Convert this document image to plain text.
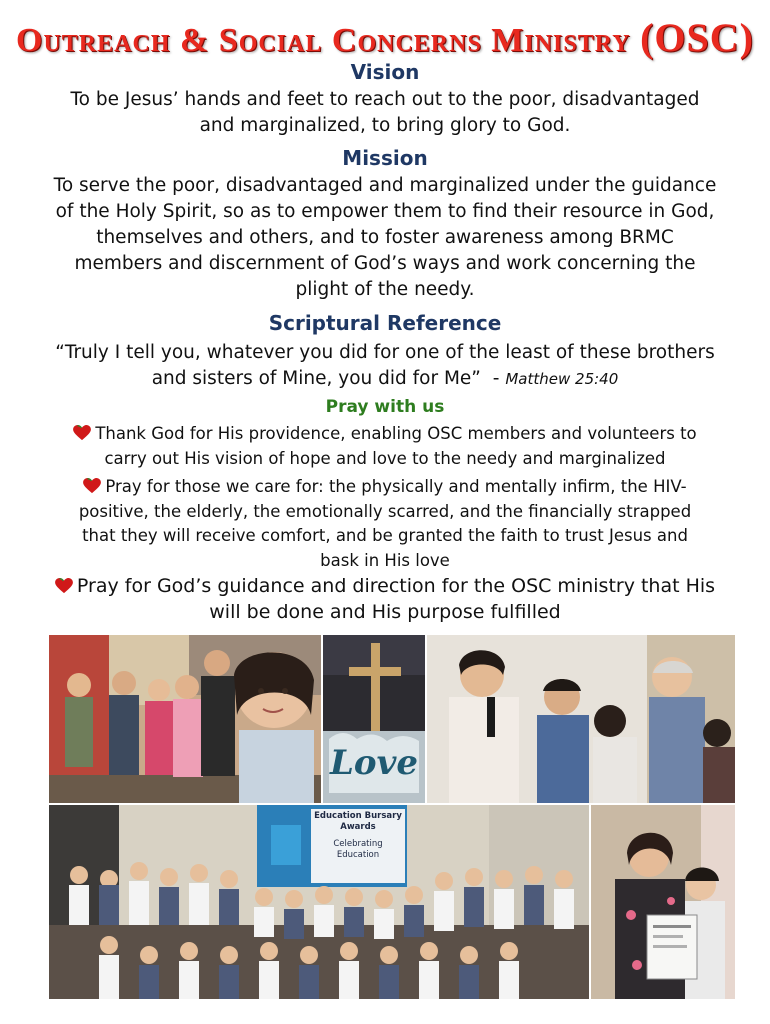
Outreach & Social Concerns Ministry (OSC)
Vision
To be Jesus’ hands and feet to reach out to the poor, disadvantaged
and marginalized, to bring glory to God.
Mission
To serve the poor, disadvantaged and marginalized under the guidance
of the Holy Spirit, so as to empower them to find their resource in God,
themselves and others, and to foster awareness among BRMC
members and discernment of God’s ways and work concerning the
plight of the needy.
Scriptural Reference
“Truly I tell you, whatever you did for one of the least of these brothers
and sisters of Mine, you did for Me” - Matthew 25:40
Pray with us
Thank God for His providence, enabling OSC members and volunteers to
carry out His vision of hope and love to the needy and marginalized
Pray for those we care for: the physically and mentally infirm, the HIV-
positive, the elderly, the emotionally scarred, and the financially strapped
that they will receive comfort, and be granted the faith to trust Jesus and
bask in His love
Pray for God’s guidance and direction for the OSC ministry that His
will be done and His purpose fulfilled
Love
Education Bursary
Awards
Celebrating
Education
